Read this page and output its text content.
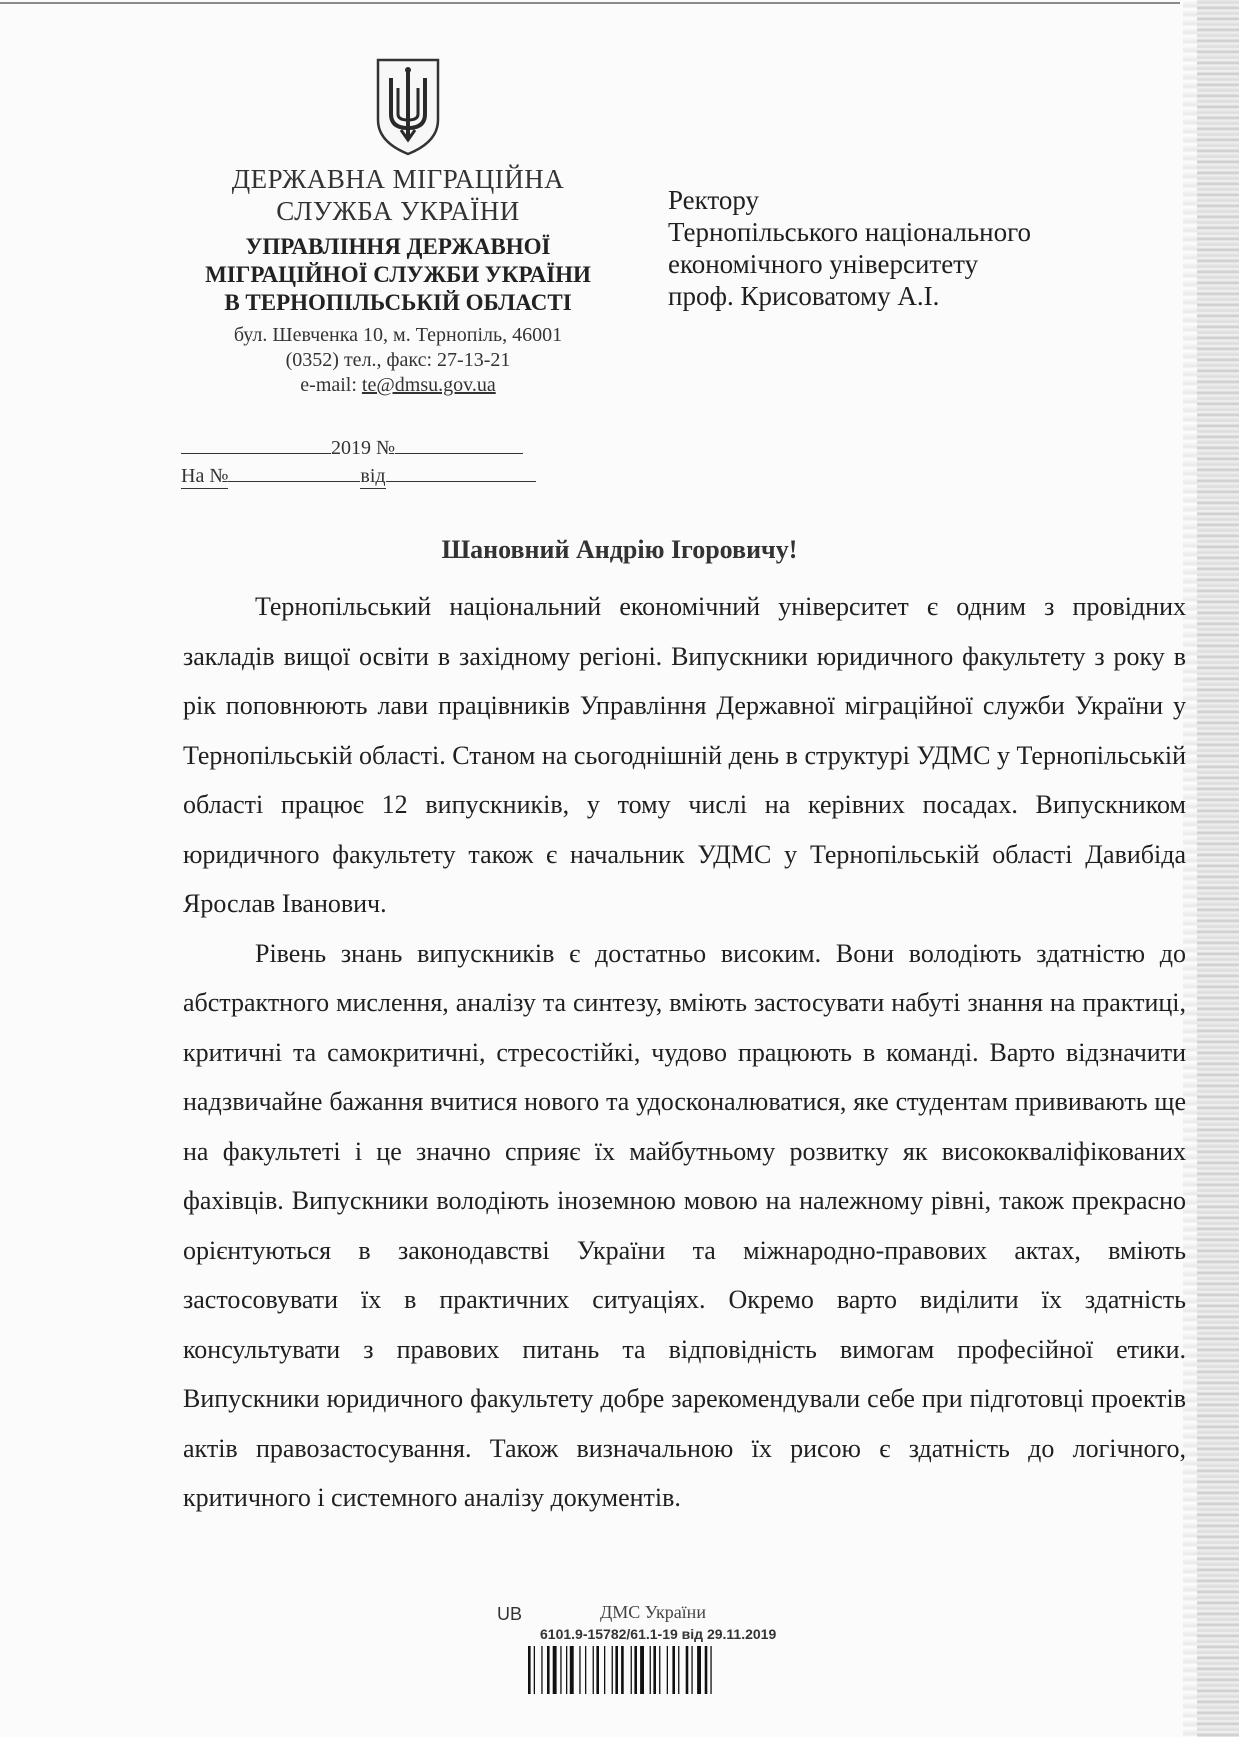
ДЕРЖАВНА МІГРАЦІЙНА
СЛУЖБА УКРАЇНИ
УПРАВЛІННЯ ДЕРЖАВНОЇ
МІГРАЦІЙНОЇ СЛУЖБИ УКРАЇНИ
В ТЕРНОПІЛЬСЬКІЙ ОБЛАСТІ
бул. Шевченка 10, м. Тернопіль, 46001
(0352) тел., факс: 27-13-21
e-mail: te@dmsu.gov.ua
2019 №
На №	від
Ректору
Тернопільського національного
економічного університету
проф. Крисоватому А.І.
Шановний Андрію Ігоровичу!

Тернопільський національний економічний університет є одним з провідних закладів вищої освіти в західному регіоні. Випускники юридичного факультету з року в рік поповнюють лави працівників Управління Державної міграційної служби України у Тернопільській області. Станом на сьогоднішній день в структурі УДМС у Тернопільській області працює 12 випускників, у тому числі на керівних посадах. Випускником юридичного факультету також є начальник УДМС у Тернопільській області Давибіда Ярослав Іванович.

Рівень знань випускників є достатньо високим. Вони володіють здатністю до абстрактного мислення, аналізу та синтезу, вміють застосувати набуті знання на практиці, критичні та самокритичні, стресостійкі, чудово працюють в команді. Варто відзначити надзвичайне бажання вчитися нового та удосконалюватися, яке студентам прививають ще на факультеті і це значно сприяє їх майбутньому розвитку як висококваліфікованих фахівців. Випускники володіють іноземною мовою на належному рівні, також прекрасно орієнтуються в законодавстві України та міжнародно-правових актах, вміють застосовувати їх в практичних ситуаціях. Окремо варто виділити їх здатність консультувати з правових питань та відповідність вимогам професійної етики. Випускники юридичного факультету добре зарекомендували себе при підготовці проектів актів правозастосування. Також визначальною їх рисою є здатність до логічного, критичного і системного аналізу документів.

UB	ДМС України
6101.9-15782/61.1-19 від 29.11.2019
